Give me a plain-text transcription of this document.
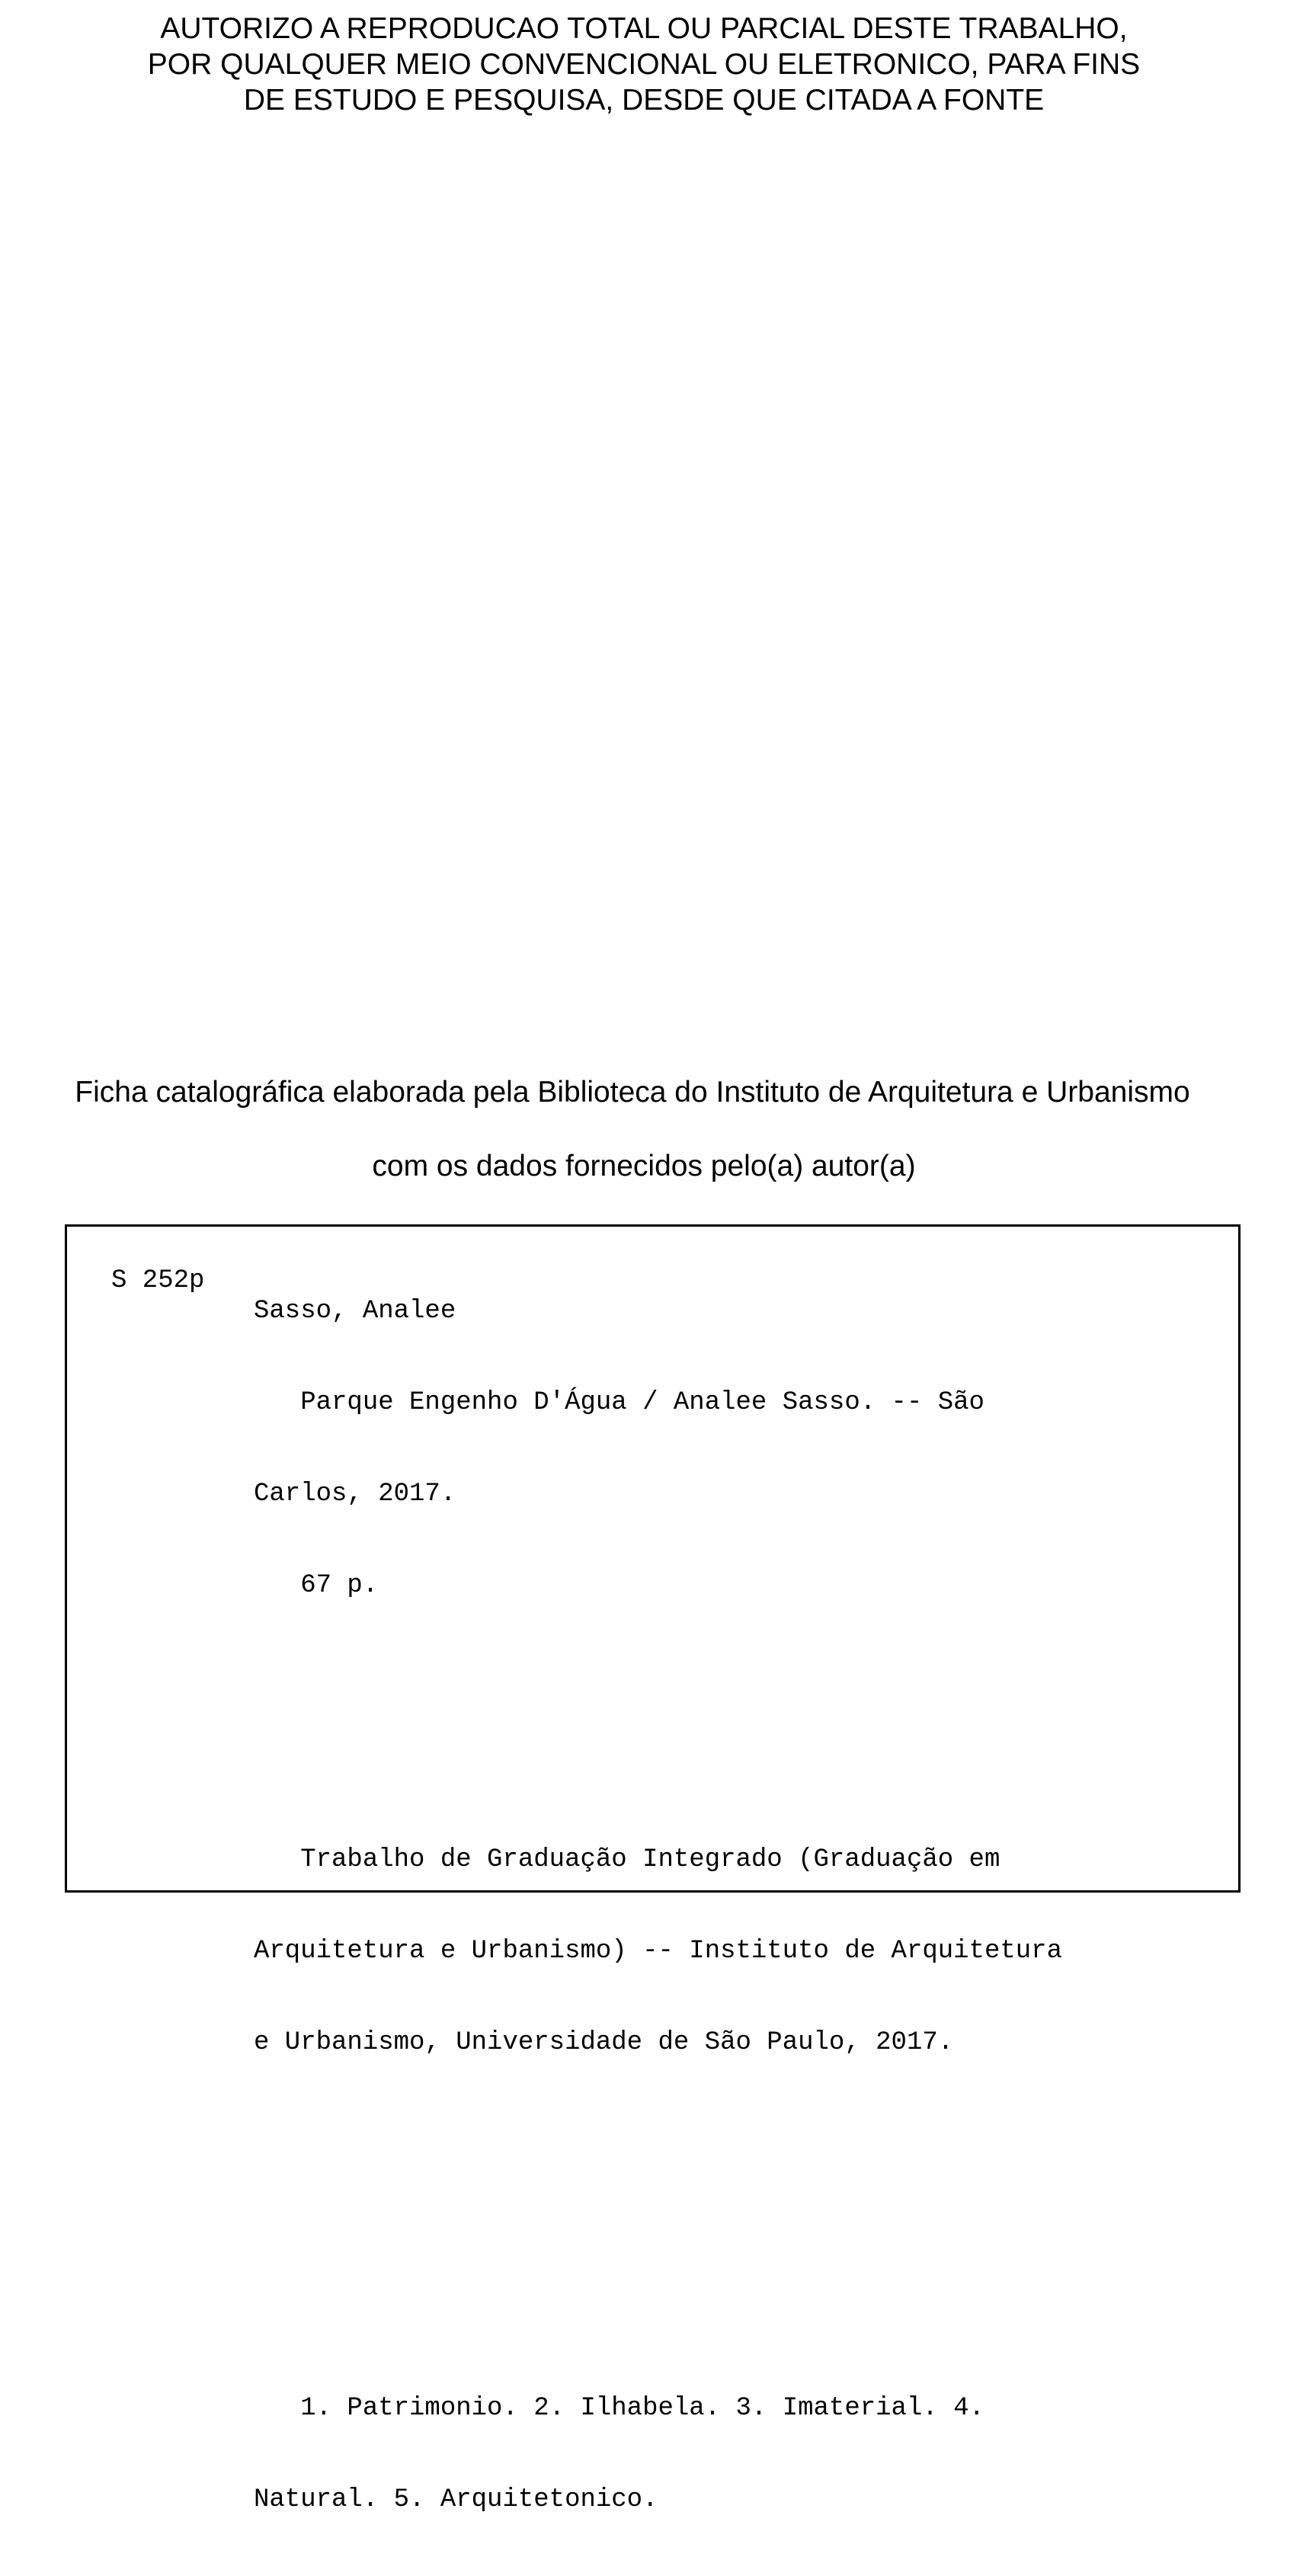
AUTORIZO A REPRODUCAO TOTAL OU PARCIAL DESTE TRABALHO,
POR QUALQUER MEIO CONVENCIONAL OU ELETRONICO, PARA FINS
DE ESTUDO E PESQUISA, DESDE QUE CITADA A FONTE
Ficha catalográfica elaborada pela Biblioteca do Instituto de Arquitetura e Urbanismo
com os dados fornecidos pelo(a) autor(a)
S 252p

Sasso, Analee

Parque Engenho D'Água / Analee Sasso. -- São

Carlos, 2017.

67 p.

Trabalho de Graduação Integrado (Graduação em

Arquitetura e Urbanismo) -- Instituto de Arquitetura

e Urbanismo, Universidade de São Paulo, 2017.

1. Patrimonio. 2. Ilhabela. 3. Imaterial. 4.

Natural. 5. Arquitetonico.
